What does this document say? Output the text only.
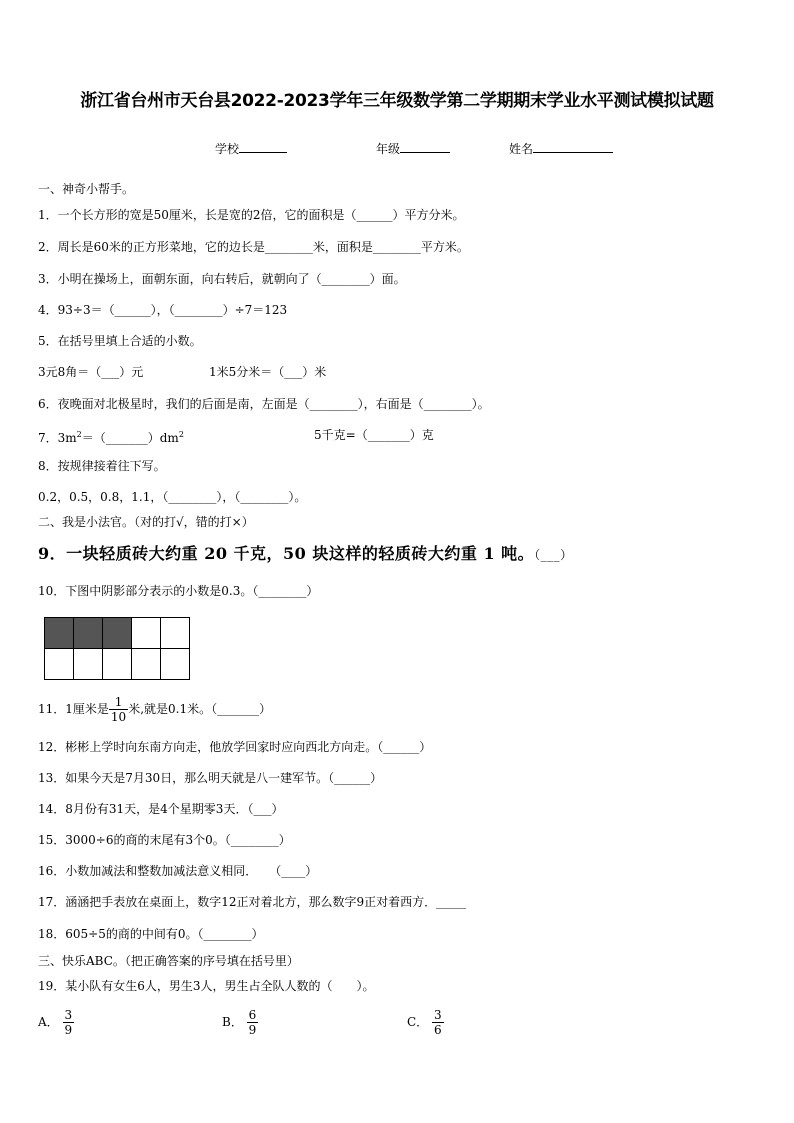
浙江省台州市天台县2022-2023学年三年级数学第二学期期末学业水平测试模拟试题
学校	年级	姓名
一、神奇小帮手。
1．一个长方形的宽是50厘米，长是宽的2倍，它的面积是（______）平方分米。
2．周长是60米的正方形菜地，它的边长是________米，面积是________平方米。
3．小明在操场上，面朝东面，向右转后，就朝向了（________）面。
4．93÷3＝（______），（________）÷7＝123
5．在括号里填上合适的小数。
3元8角＝（___）元	1米5分米＝（___）米
6．夜晚面对北极星时，我们的后面是南，左面是（________），右面是（________）。
7．$3m^2=(\_\_\_\_\_\_\_)dm^2$	5千克=（_______）克
8．按规律接着往下写。
0.2，0.5，0.8，1.1，（________），（________）。
二、我是小法官。（对的打√，错的打×）
9．一块轻质砖大约重 20 千克，50 块这样的轻质砖大约重 1 吨。（___）
10．下图中阴影部分表示的小数是0.3。（________）

11．1厘米是 $\frac{1}{10}$ 米,就是0.1米。（_______）
12．彬彬上学时向东南方向走，他放学回家时应向西北方向走。（______）
13．如果今天是7月30日，那么明天就是八一建军节。（______）
14．8月份有31天，是4个星期零3天．（___）
15．3000÷6的商的末尾有3个0。（________）
16．小数加减法和整数加减法意义相同．　　（____）
17．涵涵把手表放在桌面上，数字12正对着北方，那么数字9正对着西方．_____
18．605÷5的商的中间有0。（________）
三、快乐ABC。（把正确答案的序号填在括号里）
19．某小队有女生6人，男生3人，男生占全队人数的（　　）。
A． $\frac{3}{9}$	B． $\frac{6}{9}$	C． $\frac{3}{6}$
